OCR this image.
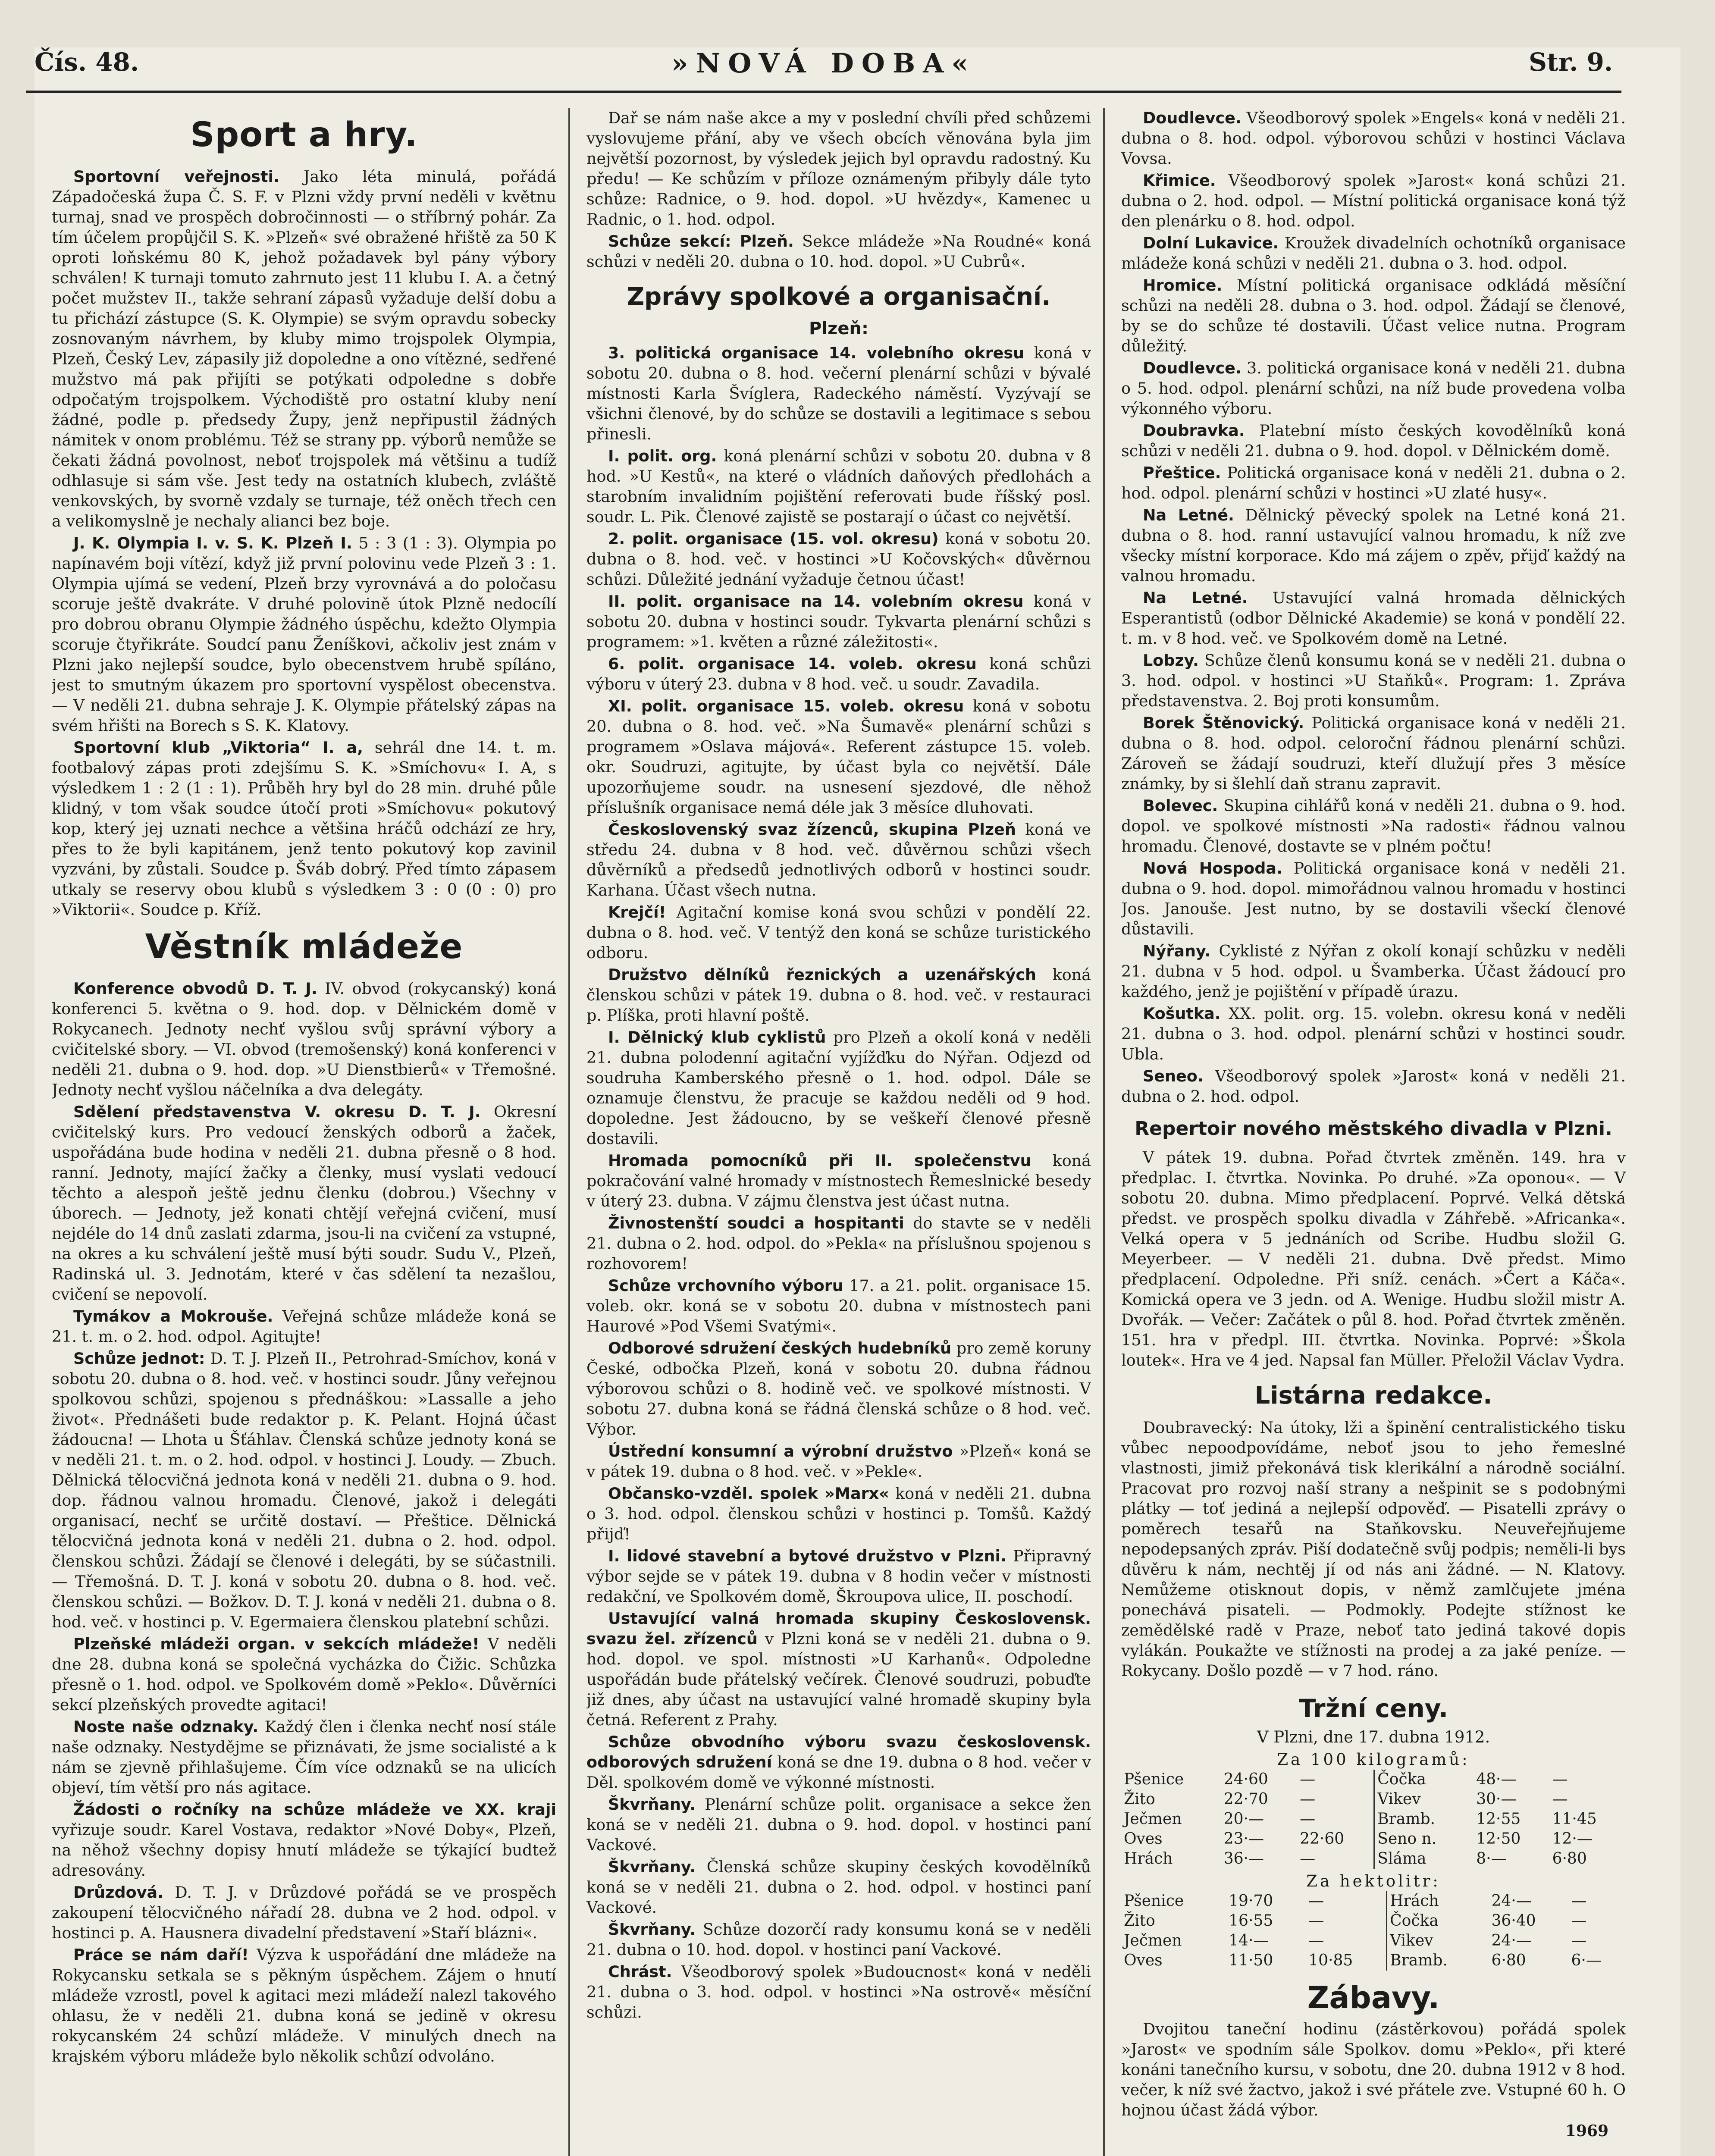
Čís. 48.	»NOVÁ DOBA«	Str. 9.
Sport a hry.

Sportovní veřejnosti. Jako léta minulá, pořádá Západočeská župa Č. S. F. v Plzni vždy první neděli v květnu turnaj, snad ve prospěch dobročinnosti — o stříbrný pohár. Za tím účelem propůjčil S. K. »Plzeň« své obražené hřiště za 50 K oproti loňskému 80 K, jehož požadavek byl pány výbory schválen! K turnaji tomuto zahrnuto jest 11 klubu I. A. a četný počet mužstev II., takže sehraní zápasů vyžaduje delší dobu a tu přichází zástupce (S. K. Olympie) se svým opravdu sobecky zosnovaným návrhem, by kluby mimo trojspolek Olympia, Plzeň, Český Lev, zápasily již dopoledne a ono vítězné, sedřené mužstvo má pak přijíti se potýkati odpoledne s dobře odpočatým trojspolkem. Východiště pro ostatní kluby není žádné, podle p. předsedy Župy, jenž nepřipustil žádných námitek v onom problému. Též se strany pp. výborů nemůže se čekati žádná povolnost, neboť trojspolek má většinu a tudíž odhlasuje si sám vše. Jest tedy na ostatních klubech, zvláště venkovských, by svorně vzdaly se turnaje, též oněch třech cen a velikomyslně je nechaly alianci bez boje.

J. K. Olympia I. v. S. K. Plzeň I. 5 : 3 (1 : 3). Olympia po napínavém boji vítězí, když již první polovinu vede Plzeň 3 : 1. Olympia ujímá se vedení, Plzeň brzy vyrovnává a do poločasu scoruje ještě dvakráte. V druhé polovině útok Plzně nedocílí pro dobrou obranu Olympie žádného úspěchu, kdežto Olympia scoruje čtyřikráte. Soudcí panu Ženíškovi, ačkoliv jest znám v Plzni jako nejlepší soudce, bylo obecenstvem hrubě spíláno, jest to smutným úkazem pro sportovní vyspělost obecenstva. — V neděli 21. dubna sehraje J. K. Olympie přátelský zápas na svém hřišti na Borech s S. K. Klatovy.

Sportovní klub „Viktoria“ I. a, sehrál dne 14. t. m. footbalový zápas proti zdejšímu S. K. »Smíchovu« I. A, s výsledkem 1 : 2 (1 : 1). Průběh hry byl do 28 min. druhé půle klidný, v tom však soudce útočí proti »Smíchovu« pokutový kop, který jej uznati nechce a většina hráčů odchází ze hry, přes to že byli kapitánem, jenž tento pokutový kop zavinil vyzváni, by zůstali. Soudce p. Šváb dobrý. Před tímto zápasem utkaly se reservy obou klubů s výsledkem 3 : 0 (0 : 0) pro »Viktorii«. Soudce p. Kříž.

Věstník mládeže

Konference obvodů D. T. J. IV. obvod (rokycanský) koná konferenci 5. května o 9. hod. dop. v Dělnickém domě v Rokycanech. Jednoty nechť vyšlou svůj správní výbory a cvičitelské sbory. — VI. obvod (tremošenský) koná konferenci v neděli 21. dubna o 9. hod. dop. »U Dienstbierů« v Třemošné. Jednoty nechť vyšlou náčelníka a dva delegáty.

Sdělení představenstva V. okresu D. T. J. Okresní cvičitelský kurs. Pro vedoucí ženských odborů a žaček, uspořádána bude hodina v neděli 21. dubna přesně o 8 hod. ranní. Jednoty, mající žačky a členky, musí vyslati vedoucí těchto a alespoň ještě jednu členku (dobrou.) Všechny v úborech. — Jednoty, jež konati chtějí veřejná cvičení, musí nejdéle do 14 dnů zaslati zdarma, jsou-li na cvičení za vstupné, na okres a ku schválení ještě musí býti soudr. Sudu V., Plzeň, Radinská ul. 3. Jednotám, které v čas sdělení ta nezašlou, cvičení se nepovolí.

Tymákov a Mokrouše. Veřejná schůze mládeže koná se 21. t. m. o 2. hod. odpol. Agitujte!

Schůze jednot: D. T. J. Plzeň II., Petrohrad-Smíchov, koná v sobotu 20. dubna o 8. hod. več. v hostinci soudr. Jůny veřejnou spolkovou schůzi, spojenou s přednáškou: »Lassalle a jeho život«. Přednášeti bude redaktor p. K. Pelant. Hojná účast žádoucna! — Lhota u Šťáhlav. Členská schůze jednoty koná se v neděli 21. t. m. o 2. hod. odpol. v hostinci J. Loudy. — Zbuch. Dělnická tělocvičná jednota koná v neděli 21. dubna o 9. hod. dop. řádnou valnou hromadu. Členové, jakož i delegáti organisací, nechť se určitě dostaví. — Přeštice. Dělnická tělocvičná jednota koná v neděli 21. dubna o 2. hod. odpol. členskou schůzi. Žádají se členové i delegáti, by se súčastnili. — Třemošná. D. T. J. koná v sobotu 20. dubna o 8. hod. več. členskou schůzi. — Božkov. D. T. J. koná v neděli 21. dubna o 8. hod. več. v hostinci p. V. Egermaiera členskou platební schůzi.

Plzeňské mládeži organ. v sekcích mládeže! V neděli dne 28. dubna koná se společná vycházka do Čižic. Schůzka přesně o 1. hod. odpol. ve Spolkovém domě »Peklo«. Důvěrníci sekcí plzeňských provedte agitaci!

Noste naše odznaky. Každý člen i členka nechť nosí stále naše odznaky. Nestydějme se přiznávati, že jsme socialisté a k nám se zjevně přihlašujeme. Čím více odznaků se na ulicích objeví, tím větší pro nás agitace.

Žádosti o ročníky na schůze mládeže ve XX. kraji vyřizuje soudr. Karel Vostava, redaktor »Nové Doby«, Plzeň, na něhož všechny dopisy hnutí mládeže se týkající budtež adresovány.

Drůzdová. D. T. J. v Drůzdové pořádá se ve prospěch zakoupení tělocvičného nářadí 28. dubna ve 2 hod. odpol. v hostinci p. A. Hausnera divadelní představení »Staří blázni«.

Práce se nám daří! Výzva k uspořádání dne mládeže na Rokycansku setkala se s pěkným úspěchem. Zájem o hnutí mládeže vzrostl, povel k agitaci mezi mládeží nalezl takového ohlasu, že v neděli 21. dubna koná se jedině v okresu rokycanském 24 schůzí mládeže. V minulých dnech na krajském výboru mládeže bylo několik schůzí odvoláno.

Dař se nám naše akce a my v poslední chvíli před schůzemi vyslovujeme přání, aby ve všech obcích věnována byla jim největší pozornost, by výsledek jejich byl opravdu radostný. Ku předu! — Ke schůzím v příloze oznámeným přibyly dále tyto schůze: Radnice, o 9. hod. dopol. »U hvězdy«, Kamenec u Radnic, o 1. hod. odpol.

Schůze sekcí: Plzeň. Sekce mládeže »Na Roudné« koná schůzi v neděli 20. dubna o 10. hod. dopol. »U Cubrů«.

Zprávy spolkové a organisační.
Plzeň:

3. politická organisace 14. volebního okresu koná v sobotu 20. dubna o 8. hod. večerní plenární schůzi v bývalé místnosti Karla Švíglera, Radeckého náměstí. Vyzývají se všichni členové, by do schůze se dostavili a legitimace s sebou přinesli.

I. polit. org. koná plenární schůzi v sobotu 20. dubna v 8 hod. »U Kestů«, na které o vládních daňových předlohách a starobním invalidním pojištění referovati bude říšský posl. soudr. L. Pik. Členové zajistě se postarají o účast co největší.

2. polit. organisace (15. vol. okresu) koná v sobotu 20. dubna o 8. hod. več. v hostinci »U Kočovských« důvěrnou schůzi. Důležité jednání vyžaduje četnou účast!

II. polit. organisace na 14. volebním okresu koná v sobotu 20. dubna v hostinci soudr. Tykvarta plenární schůzi s programem: »1. květen a různé záležitosti«.

6. polit. organisace 14. voleb. okresu koná schůzi výboru v úterý 23. dubna v 8 hod. več. u soudr. Zavadila.

XI. polit. organisace 15. voleb. okresu koná v sobotu 20. dubna o 8. hod. več. »Na Šumavě« plenární schůzi s programem »Oslava májová«. Referent zástupce 15. voleb. okr. Soudruzi, agitujte, by účast byla co největší. Dále upozorňujeme soudr. na usnesení sjezdové, dle něhož příslušník organisace nemá déle jak 3 měsíce dluhovati.

Československý svaz žízenců, skupina Plzeň koná ve středu 24. dubna v 8 hod. več. důvěrnou schůzi všech důvěrníků a předsedů jednotlivých odborů v hostinci soudr. Karhana. Účast všech nutna.

Krejčí! Agitační komise koná svou schůzi v pondělí 22. dubna o 8. hod. več. V tentýž den koná se schůze turistického odboru.

Družstvo dělníků řeznických a uzenářských koná členskou schůzi v pátek 19. dubna o 8. hod. več. v restauraci p. Plíška, proti hlavní poště.

I. Dělnický klub cyklistů pro Plzeň a okolí koná v neděli 21. dubna polodenní agitační vyjížďku do Nýřan. Odjezd od soudruha Kamberského přesně o 1. hod. odpol. Dále se oznamuje členstvu, že pracuje se každou neděli od 9 hod. dopoledne. Jest žádoucno, by se veškeří členové přesně dostavili.

Hromada pomocníků při II. společenstvu koná pokračování valné hromady v místnostech Řemeslnické besedy v úterý 23. dubna. V zájmu členstva jest účast nutna.

Živnostenští soudci a hospitanti do stavte se v neděli 21. dubna o 2. hod. odpol. do »Pekla« na příslušnou spojenou s rozhovorem!

Schůze vrchovního výboru 17. a 21. polit. organisace 15. voleb. okr. koná se v sobotu 20. dubna v místnostech pani Haurové »Pod Všemi Svatými«.

Odborové sdružení českých hudebníků pro země koruny České, odbočka Plzeň, koná v sobotu 20. dubna řádnou výborovou schůzi o 8. hodině več. ve spolkové místnosti. V sobotu 27. dubna koná se řádná členská schůze o 8 hod. več. Výbor.

Ústřední konsumní a výrobní družstvo »Plzeň« koná se v pátek 19. dubna o 8 hod. več. v »Pekle«.

Občansko-vzděl. spolek »Marx« koná v neděli 21. dubna o 3. hod. odpol. členskou schůzi v hostinci p. Tomšů. Každý přijď!

I. lidové stavební a bytové družstvo v Plzni. Připravný výbor sejde se v pátek 19. dubna v 8 hodin večer v místnosti redakční, ve Spolkovém domě, Škroupova ulice, II. poschodí.

Ustavující valná hromada skupiny Československ. svazu žel. zřízenců v Plzni koná se v neděli 21. dubna o 9. hod. dopol. ve spol. místnosti »U Karhanů«. Odpoledne uspořádán bude přátelský večírek. Členové soudruzi, pobuďte již dnes, aby účast na ustavující valné hromadě skupiny byla četná. Referent z Prahy.

Schůze obvodního výboru svazu československ. odborových sdružení koná se dne 19. dubna o 8 hod. večer v Děl. spolkovém domě ve výkonné místnosti.

Škvrňany. Plenární schůze polit. organisace a sekce žen koná se v neděli 21. dubna o 9. hod. dopol. v hostinci paní Vackové.

Škvrňany. Členská schůze skupiny českých kovodělníků koná se v neděli 21. dubna o 2. hod. odpol. v hostinci paní Vackové.

Škvrňany. Schůze dozorčí rady konsumu koná se v neděli 21. dubna o 10. hod. dopol. v hostinci paní Vackové.

Chrást. Všeodborový spolek »Budoucnost« koná v neděli 21. dubna o 3. hod. odpol. v hostinci »Na ostrově« měsíční schůzi.

Doudlevce. Všeodborový spolek »Engels« koná v neděli 21. dubna o 8. hod. odpol. výborovou schůzi v hostinci Václava Vovsa.

Křimice. Všeodborový spolek »Jarost« koná schůzi 21. dubna o 2. hod. odpol. — Místní politická organisace koná týž den plenárku o 8. hod. odpol.

Dolní Lukavice. Kroužek divadelních ochotníků organisace mládeže koná schůzi v neděli 21. dubna o 3. hod. odpol.

Hromice. Místní politická organisace odkládá měsíční schůzi na neděli 28. dubna o 3. hod. odpol. Žádají se členové, by se do schůze té dostavili. Účast velice nutna. Program důležitý.

Doudlevce. 3. politická organisace koná v neděli 21. dubna o 5. hod. odpol. plenární schůzi, na níž bude provedena volba výkonného výboru.

Doubravka. Platební místo českých kovodělníků koná schůzi v neděli 21. dubna o 9. hod. dopol. v Dělnickém domě.

Přeštice. Politická organisace koná v neděli 21. dubna o 2. hod. odpol. plenární schůzi v hostinci »U zlaté husy«.

Na Letné. Dělnický pěvecký spolek na Letné koná 21. dubna o 8. hod. ranní ustavující valnou hromadu, k níž zve všecky místní korporace. Kdo má zájem o zpěv, přijď každý na valnou hromadu.

Na Letné. Ustavující valná hromada dělnických Esperantistů (odbor Dělnické Akademie) se koná v pondělí 22. t. m. v 8 hod. več. ve Spolkovém domě na Letné.

Lobzy. Schůze členů konsumu koná se v neděli 21. dubna o 3. hod. odpol. v hostinci »U Staňků«. Program: 1. Zpráva představenstva. 2. Boj proti konsumům.

Borek Štěnovický. Politická organisace koná v neděli 21. dubna o 8. hod. odpol. celoroční řádnou plenární schůzi. Zároveň se žádají soudruzi, kteří dlužují přes 3 měsíce známky, by si šlehlí daň stranu zapravit.

Bolevec. Skupina cihlářů koná v neděli 21. dubna o 9. hod. dopol. ve spolkové místnosti »Na radosti« řádnou valnou hromadu. Členové, dostavte se v plném počtu!

Nová Hospoda. Politická organisace koná v neděli 21. dubna o 9. hod. dopol. mimořádnou valnou hromadu v hostinci Jos. Janouše. Jest nutno, by se dostavili všeckí členové důstavili.

Nýřany. Cyklisté z Nýřan z okolí konají schůzku v neděli 21. dubna v 5 hod. odpol. u Švamberka. Účast žádoucí pro každého, jenž je pojištění v případě úrazu.

Košutka. XX. polit. org. 15. volebn. okresu koná v neděli 21. dubna o 3. hod. odpol. plenární schůzi v hostinci soudr. Ubla.

Seneo. Všeodborový spolek »Jarost« koná v neděli 21. dubna o 2. hod. odpol.

Repertoir nového městského divadla v Plzni.

V pátek 19. dubna. Pořad čtvrtek změněn. 149. hra v předplac. I. čtvrtka. Novinka. Po druhé. »Za oponou«. — V sobotu 20. dubna. Mimo předplacení. Poprvé. Velká dětská předst. ve prospěch spolku divadla v Záhřebě. »Africanka«. Velká opera v 5 jednáních od Scribe. Hudbu složil G. Meyerbeer. — V neděli 21. dubna. Dvě předst. Mimo předplacení. Odpoledne. Při sníž. cenách. »Čert a Káča«. Komická opera ve 3 jedn. od A. Wenige. Hudbu složil mistr A. Dvořák. — Večer: Začátek o půl 8. hod. Pořad čtvrtek změněn. 151. hra v předpl. III. čtvrtka. Novinka. Poprvé: »Škola loutek«. Hra ve 4 jed. Napsal fan Müller. Přeložil Václav Vydra.

Listárna redakce.

Doubravecký: Na útoky, lži a špinění centralistického tisku vůbec nepoodpovídáme, neboť jsou to jeho řemeslné vlastnosti, jimiž překonává tisk klerikální a národně sociální. Pracovat pro rozvoj naší strany a nešpinit se s podobnými plátky — toť jediná a nejlepší odpověď. — Pisatelli zprávy o poměrech tesařů na Staňkovsku. Neuveřejňujeme nepodepsaných zpráv. Piší dodatečně svůj podpis; neměli-li bys důvěru k nám, nechtěj jí od nás ani žádné. — N. Klatovy. Nemůžeme otisknout dopis, v němž zamlčujete jména ponechává pisateli. — Podmokly. Podejte stížnost ke zemědělské radě v Praze, neboť tato jediná takové dopis vylákán. Poukažte ve stížnosti na prodej a za jaké peníze. — Rokycany. Došlo pozdě — v 7 hod. ráno.

Tržní ceny.
V Plzni, dne 17. dubna 1912.
Za 100 kilogramů:
Pšenice	24·60	—	Čočka	48·—	—
Žito	22·70	—	Vikev	30·—	—
Ječmen	20·—	—	Bramb.	12·55	11·45
Oves	23·—	22·60	Seno n.	12·50	12·—
Hrách	36·—	—	Sláma	8·—	6·80
Za hektolitr:
Pšenice	19·70	—	Hrách	24·—	—
Žito	16·55	—	Čočka	36·40	—
Ječmen	14·—	—	Vikev	24·—	—
Oves	11·50	10·85	Bramb.	6·80	6·—
Zábavy.

Dvojitou taneční hodinu (zástěrkovou) pořádá spolek »Jarost« ve spodním sále Spolkov. domu »Peklo«, při které konáni tanečního kursu, v sobotu, dne 20. dubna 1912 v 8 hod. večer, k níž své žactvo, jakož i své přátele zve. Vstupné 60 h. O hojnou účast žádá výbor.

1969
